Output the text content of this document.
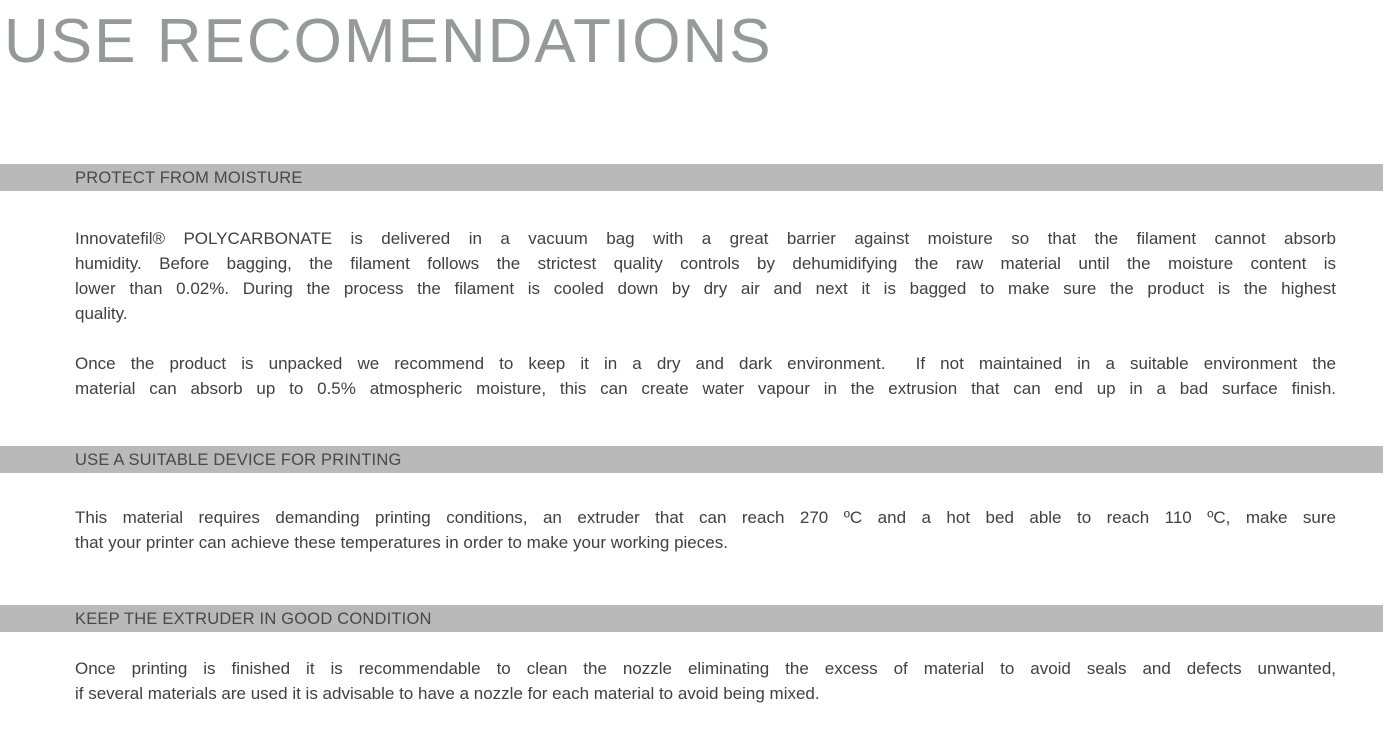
USE RECOMENDATIONS
PROTECT FROM MOISTURE
Innovatefil® POLYCARBONATE is delivered in a vacuum bag with a great barrier against moisture so that the filament cannot absorb
humidity. Before bagging, the filament follows the strictest quality controls by dehumidifying the raw material until the moisture content is
lower than 0.02%. During the process the filament is cooled down by dry air and next it is bagged to make sure the product is the highest
quality.
Once the product is unpacked we recommend to keep it in a dry and dark environment.  If not maintained in a suitable environment the
material can absorb up to 0.5% atmospheric moisture, this can create water vapour in the extrusion that can end up in a bad surface finish.
USE A SUITABLE DEVICE FOR PRINTING
This material requires demanding printing conditions, an extruder that can reach 270 ºC and a hot bed able to reach 110 ºC, make sure
that your printer can achieve these temperatures in order to make your working pieces.
KEEP THE EXTRUDER IN GOOD CONDITION
Once printing is finished it is recommendable to clean the nozzle eliminating the excess of material to avoid seals and defects unwanted,
if several materials are used it is advisable to have a nozzle for each material to avoid being mixed.
